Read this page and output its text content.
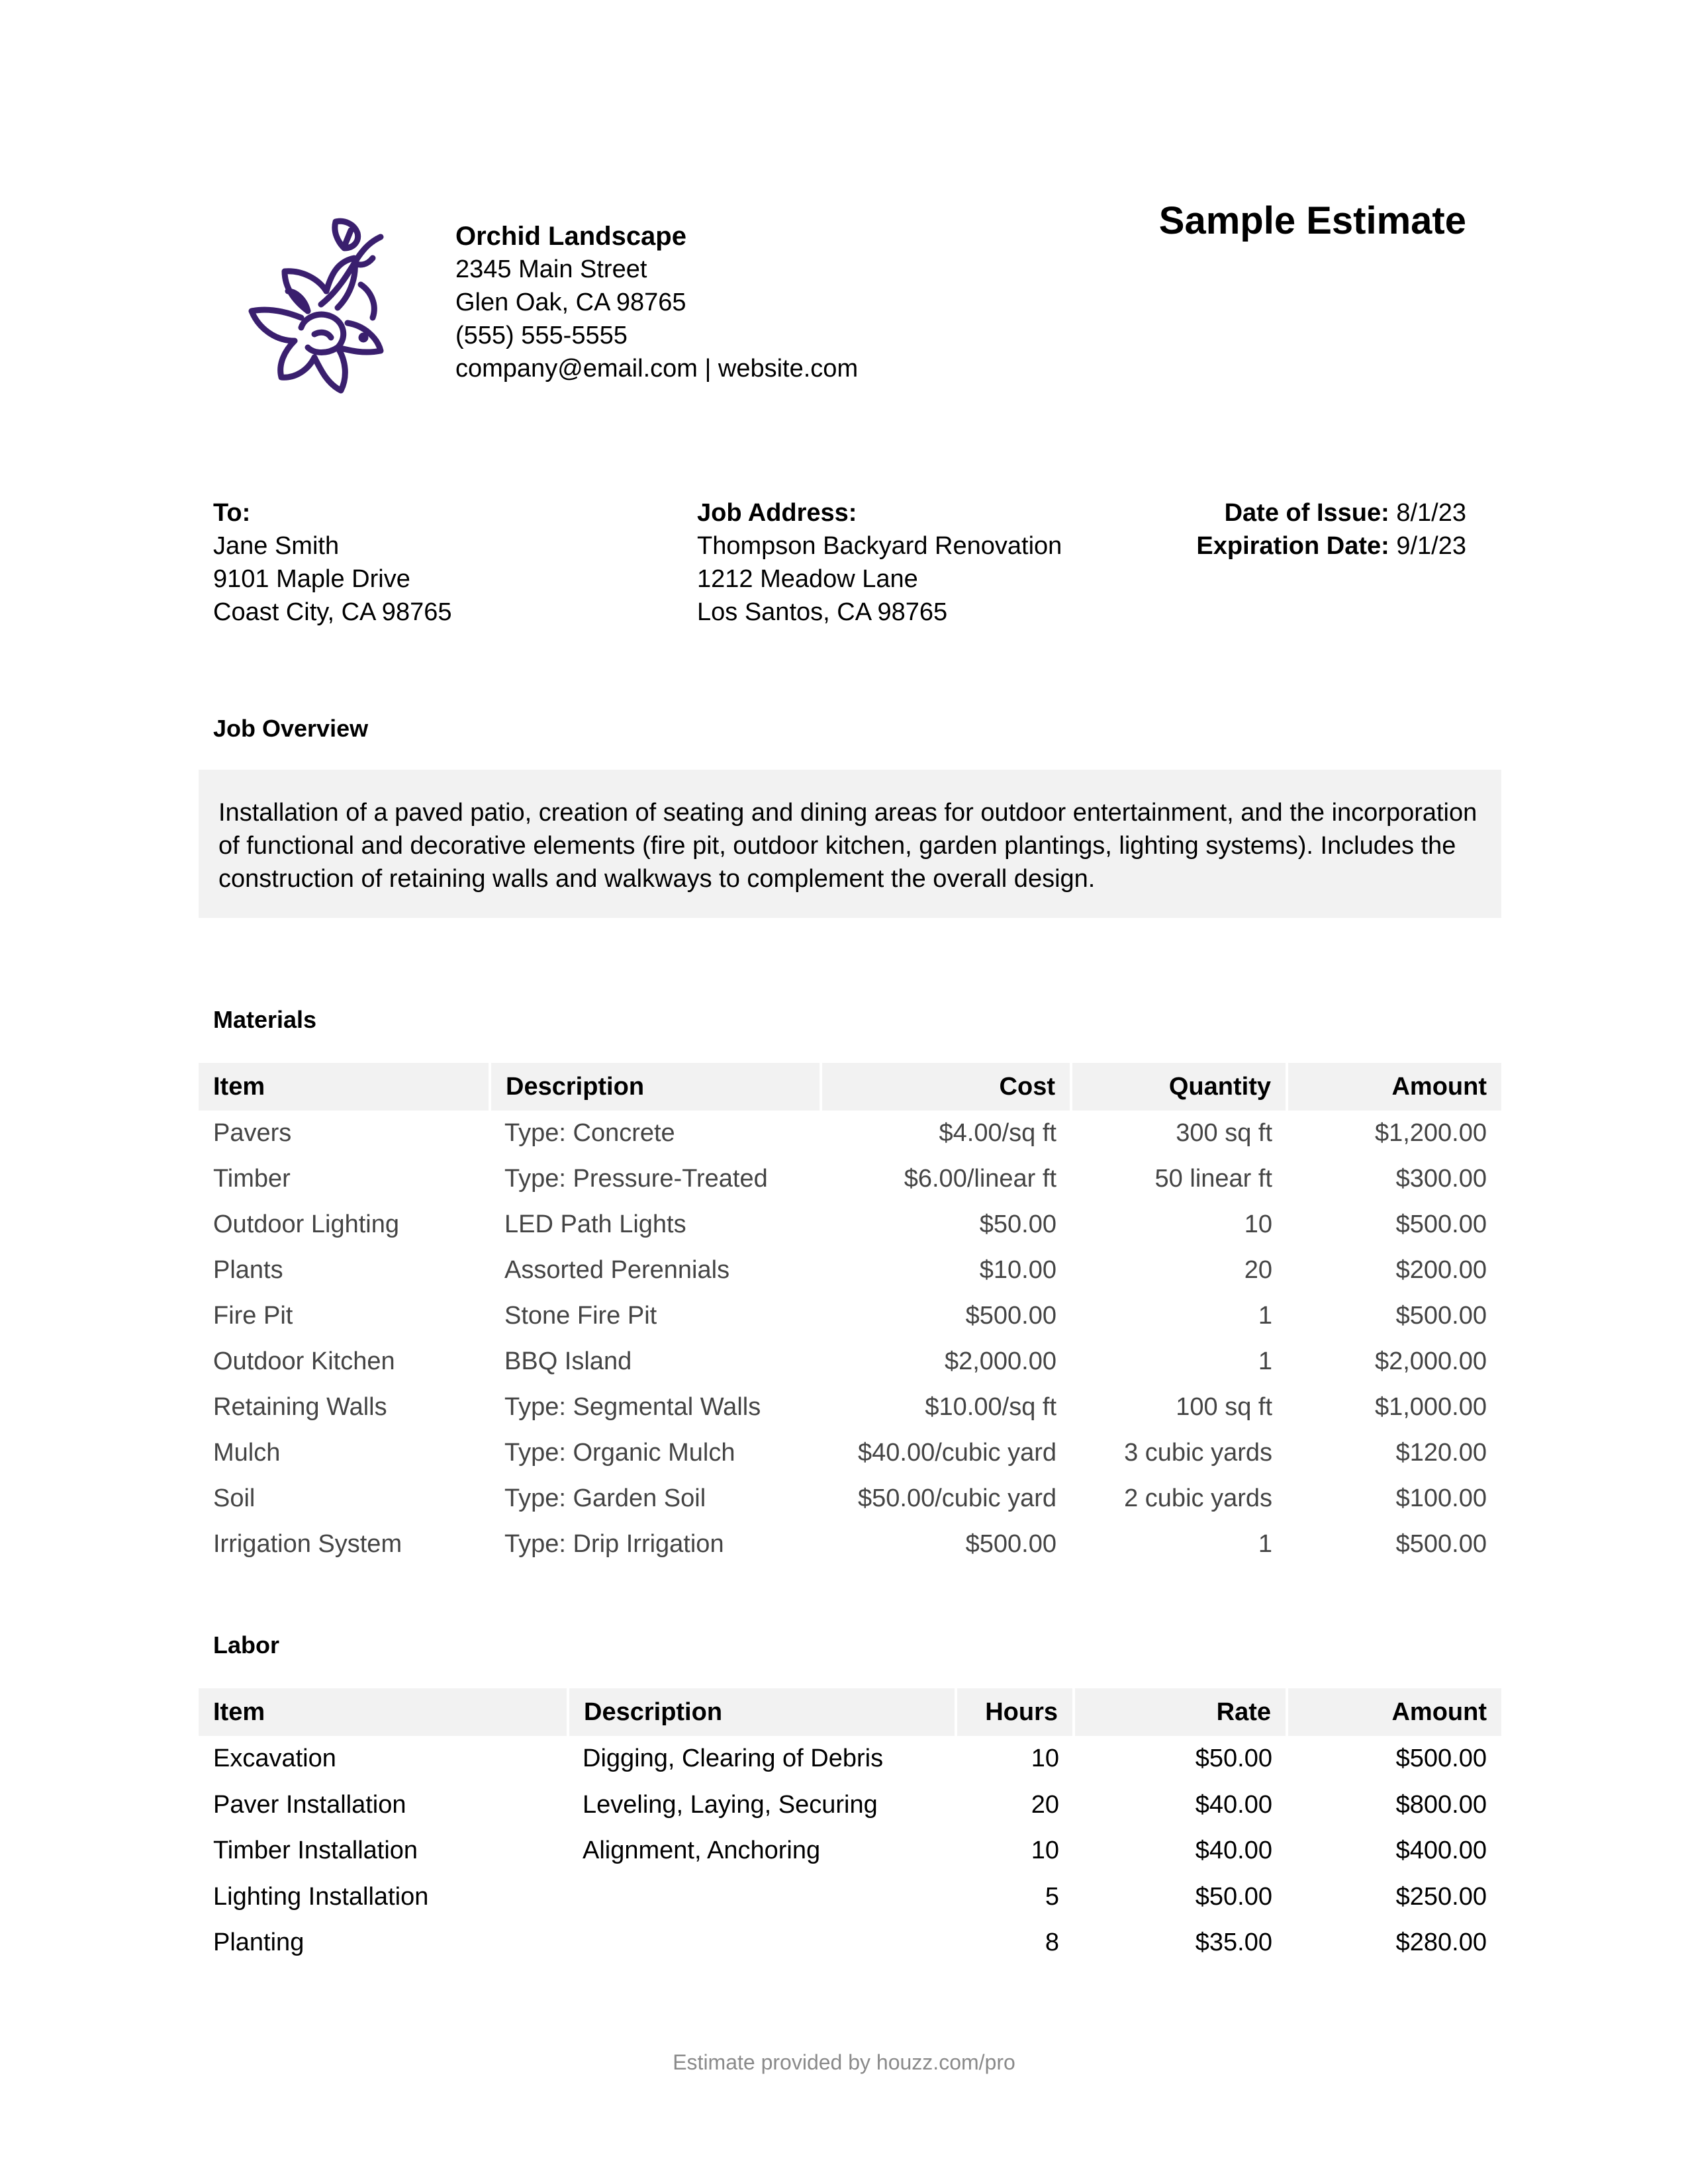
Orchid Landscape
2345 Main Street
Glen Oak, CA 98765
(555) 555-5555
company@email.com | website.com
Sample Estimate
To:
Jane Smith
9101 Maple Drive
Coast City, CA 98765
Job Address:
Thompson Backyard Renovation
1212 Meadow Lane
Los Santos, CA 98765
Date of Issue: 8/1/23
Expiration Date: 9/1/23
Job Overview

Installation of a paved patio, creation of seating and dining areas for outdoor entertainment, and the incorporation of functional and decorative elements (fire pit, outdoor kitchen, garden plantings, lighting systems). Includes the construction of retaining walls and walkways to complement the overall design.

Materials
Item	Description	Cost	Quantity	Amount
Pavers	Type: Concrete	$4.00/sq ft	300 sq ft	$1,200.00
Timber	Type: Pressure-Treated	$6.00/linear ft	50 linear ft	$300.00
Outdoor Lighting	LED Path Lights	$50.00	10	$500.00
Plants	Assorted Perennials	$10.00	20	$200.00
Fire Pit	Stone Fire Pit	$500.00	1	$500.00
Outdoor Kitchen	BBQ Island	$2,000.00	1	$2,000.00
Retaining Walls	Type: Segmental Walls	$10.00/sq ft	100 sq ft	$1,000.00
Mulch	Type: Organic Mulch	$40.00/cubic yard	3 cubic yards	$120.00
Soil	Type: Garden Soil	$50.00/cubic yard	2 cubic yards	$100.00
Irrigation System	Type: Drip Irrigation	$500.00	1	$500.00
Labor
Item	Description	Hours	Rate	Amount
Excavation	Digging, Clearing of Debris	10	$50.00	$500.00
Paver Installation	Leveling, Laying, Securing	20	$40.00	$800.00
Timber Installation	Alignment, Anchoring	10	$40.00	$400.00
Lighting Installation		5	$50.00	$250.00
Planting		8	$35.00	$280.00
Estimate provided by houzz.com/pro
